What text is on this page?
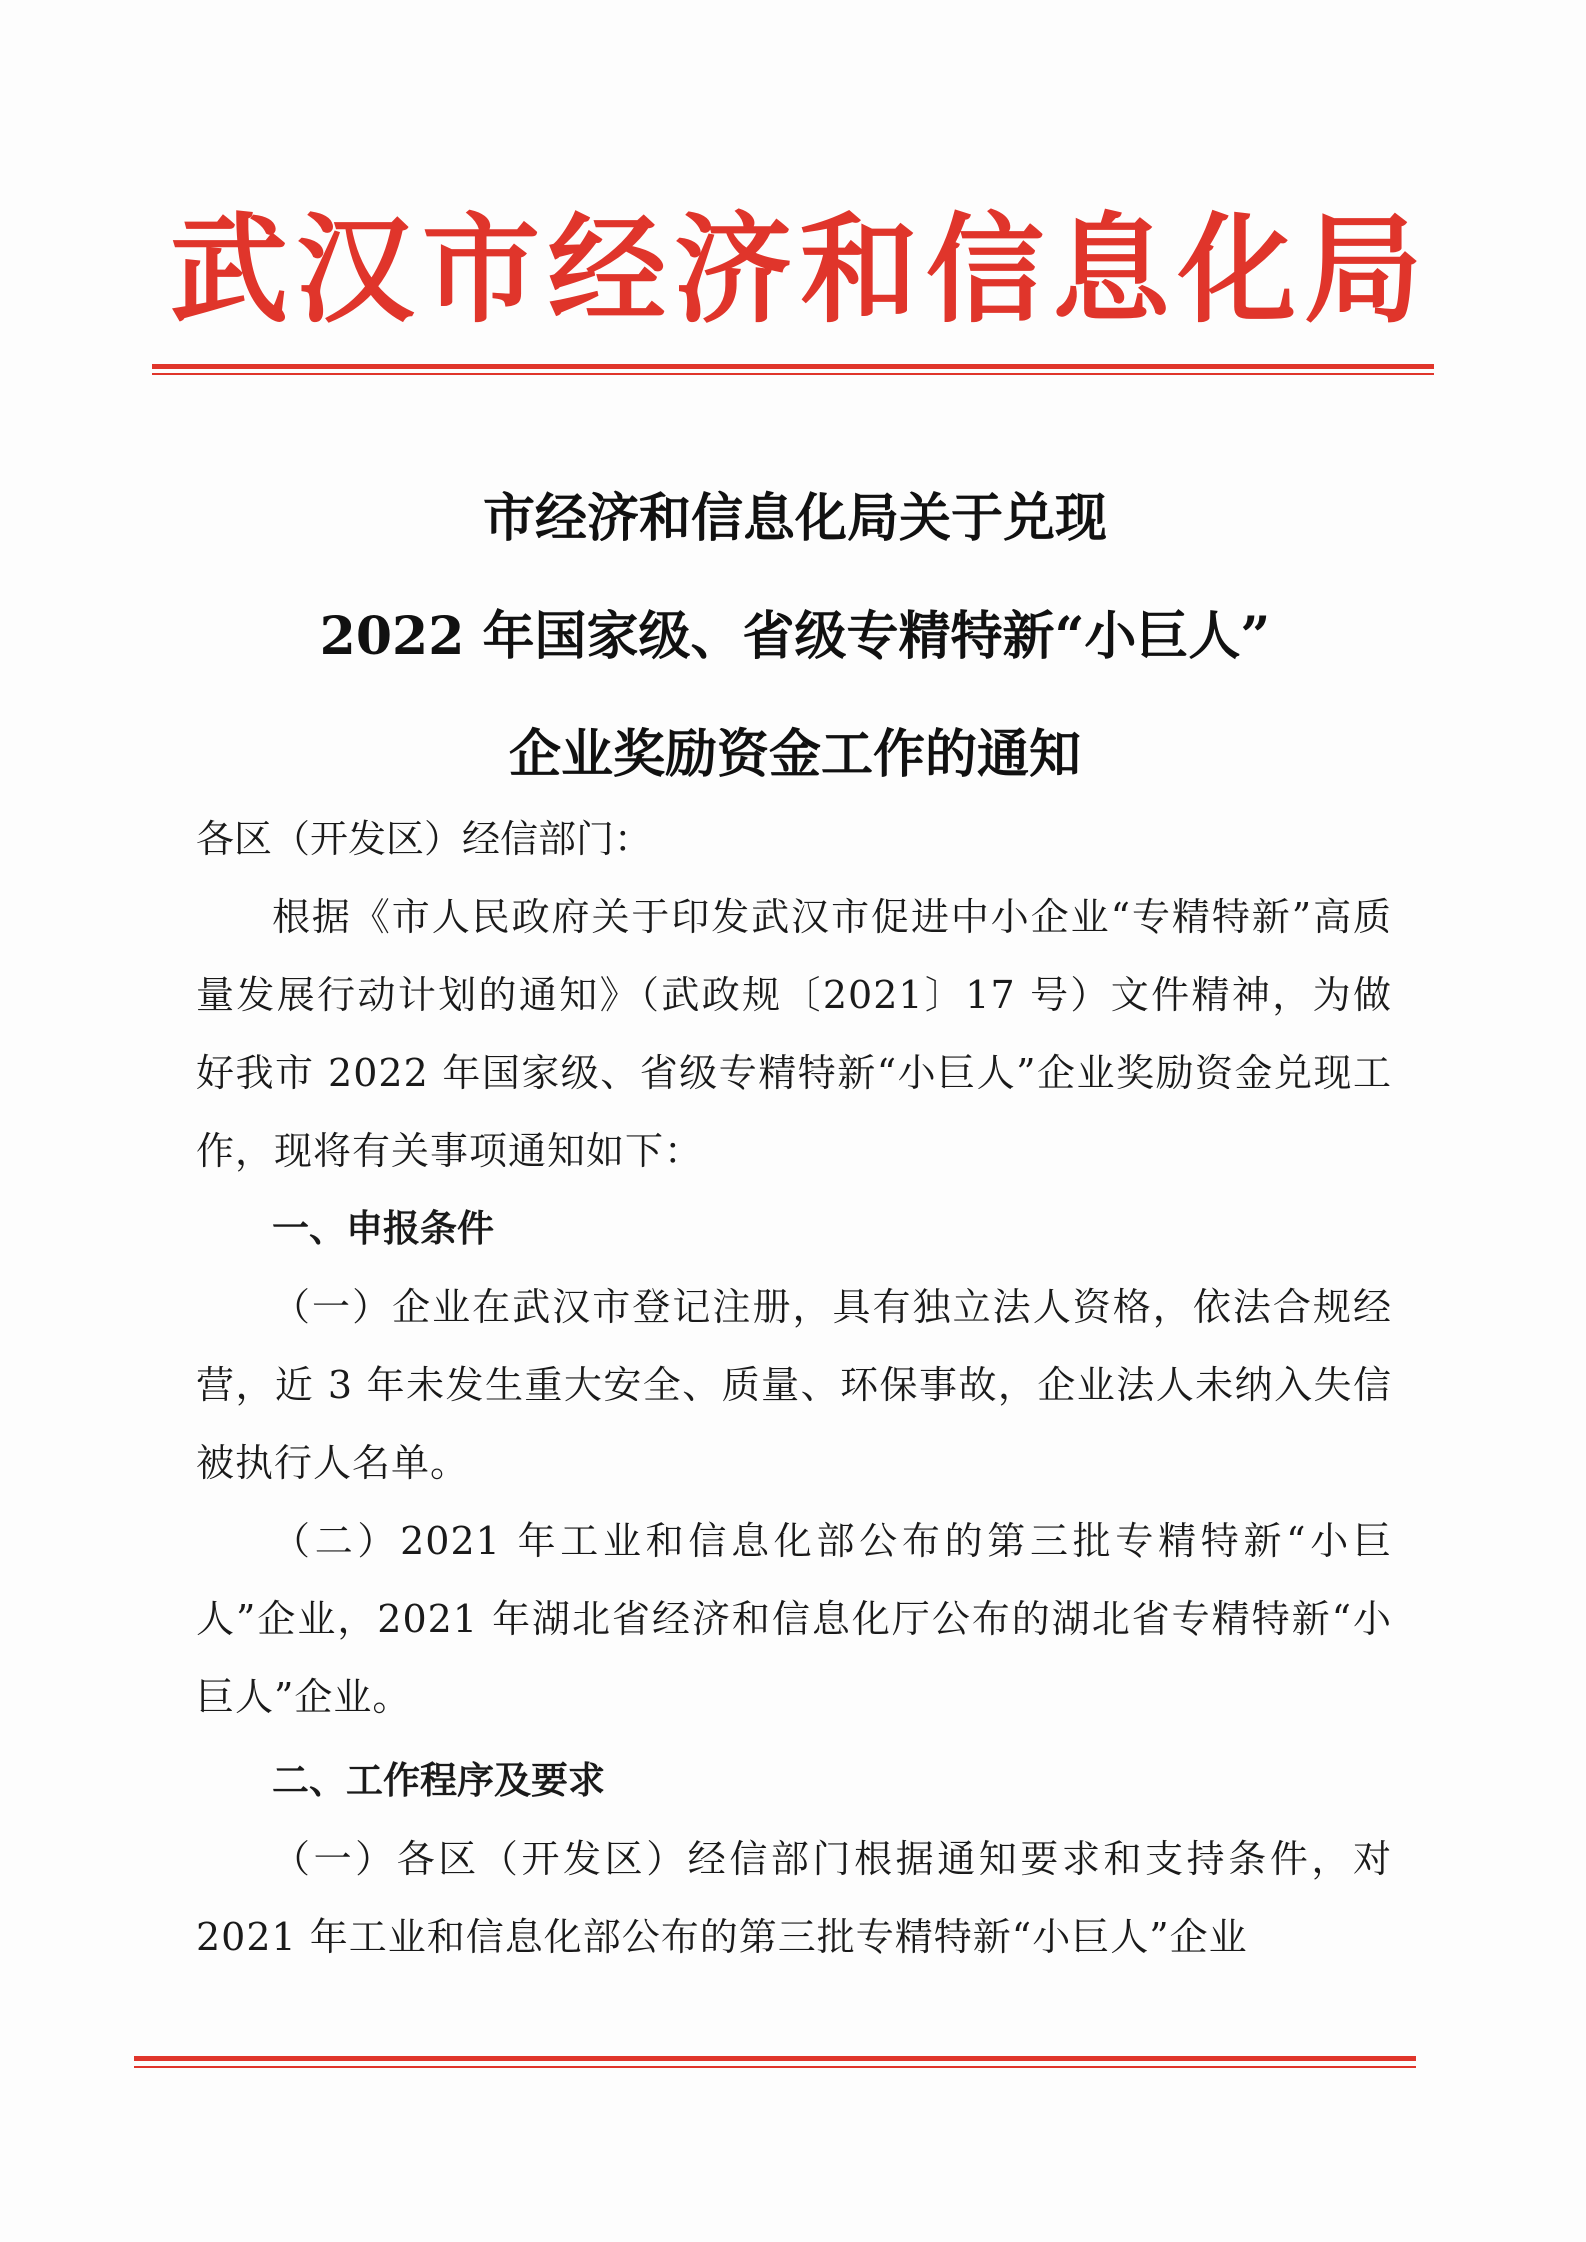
武汉市经济和信息化局
市经济和信息化局关于兑现
2022 年国家级、省级专精特新“小巨人”
企业奖励资金工作的通知

各区（开发区）经信部门：

根据《市人民政府关于印发武汉市促进中小企业“专精特新”高质量发展行动计划的通知》（武政规〔2021〕17 号）文件精神，为做好我市 2022 年国家级、省级专精特新“小巨人”企业奖励资金兑现工作，现将有关事项通知如下：

一、申报条件

（一）企业在武汉市登记注册，具有独立法人资格，依法合规经营，近 3 年未发生重大安全、质量、环保事故，企业法人未纳入失信被执行人名单。

（二）2021 年工业和信息化部公布的第三批专精特新“小巨人”企业，2021 年湖北省经济和信息化厅公布的湖北省专精特新“小巨人”企业。

二、工作程序及要求

（一）各区（开发区）经信部门根据通知要求和支持条件，对 2021 年工业和信息化部公布的第三批专精特新“小巨人”企业
